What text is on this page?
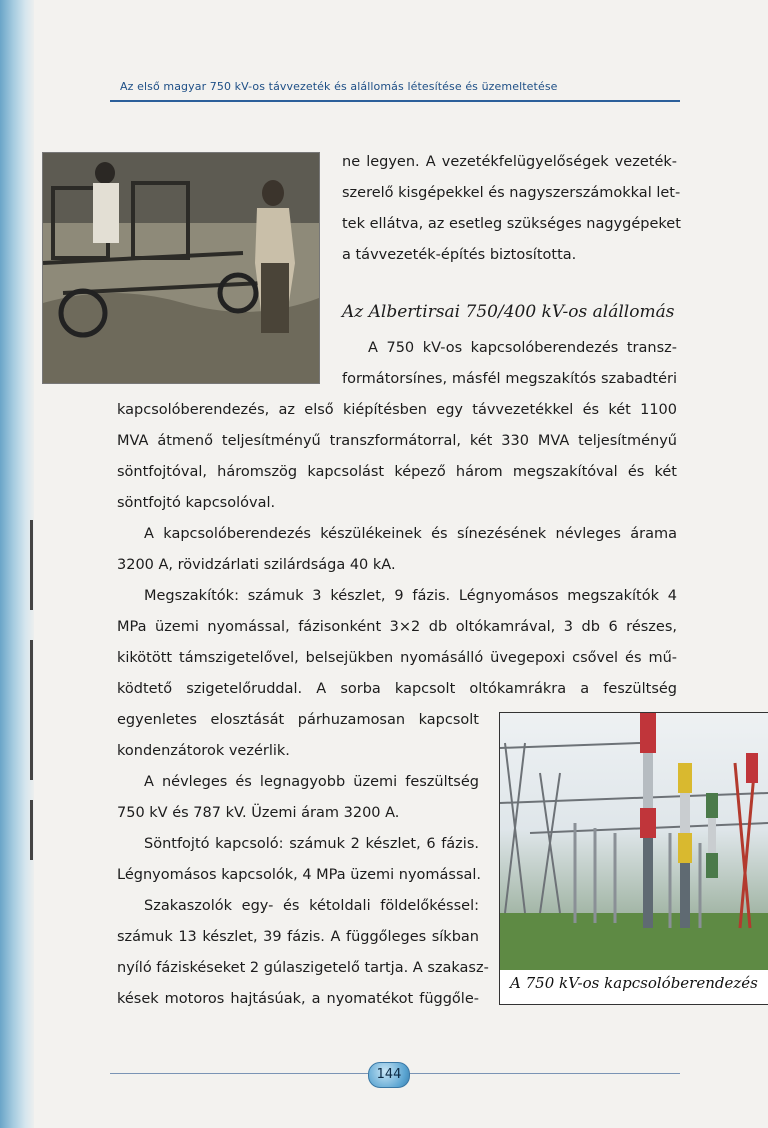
Az első magyar 750 kV-os távvezeték és alállomás létesítése és üzemeltetése
ne legyen. A vezetékfelügyelőségek vezeték-
szerelő kisgépekkel és nagyszerszámokkal let-
tek ellátva, az esetleg szükséges nagygépeket
a távvezeték-építés biztosította.
Az Albertirsai 750/400 kV-os alállomás
A 750 kV-os kapcsolóberendezés transz-
formátorsínes, másfél megszakítós szabadtéri
kapcsolóberendezés, az első kiépítésben egy távvezetékkel és két 1100
MVA átmenő teljesítményű transzformátorral, két 330 MVA teljesítményű
söntfojtóval, háromszög kapcsolást képező három megszakítóval és két
söntfojtó kapcsolóval.
A kapcsolóberendezés készülékeinek és sínezésének névleges árama
3200 A, rövidzárlati szilárdsága 40 kA.
Megszakítók: számuk 3 készlet, 9 fázis. Légnyomásos megszakítók 4
MPa üzemi nyomással, fázisonként 3×2 db oltókamrával, 3 db 6 részes,
kikötött támszigetelővel, belsejükben nyomásálló üvegepoxi csővel és mű-
ködtető szigetelőruddal. A sorba kapcsolt oltókamrákra a feszültség
egyenletes elosztását párhuzamosan kapcsolt
kondenzátorok vezérlik.
A névleges és legnagyobb üzemi feszültség
750 kV és 787 kV. Üzemi áram 3200 A.
Söntfojtó kapcsoló: számuk 2 készlet, 6 fázis.
Légnyomásos kapcsolók, 4 MPa üzemi nyomással.
Szakaszolók egy- és kétoldali földelőkéssel:
számuk 13 készlet, 39 fázis. A függőleges síkban
nyíló fáziskéseket 2 gúlaszigetelő tartja. A szakasz-
kések motoros hajtásúak, a nyomatékot függőle-
A 750 kV-os kapcsolóberendezés
144
